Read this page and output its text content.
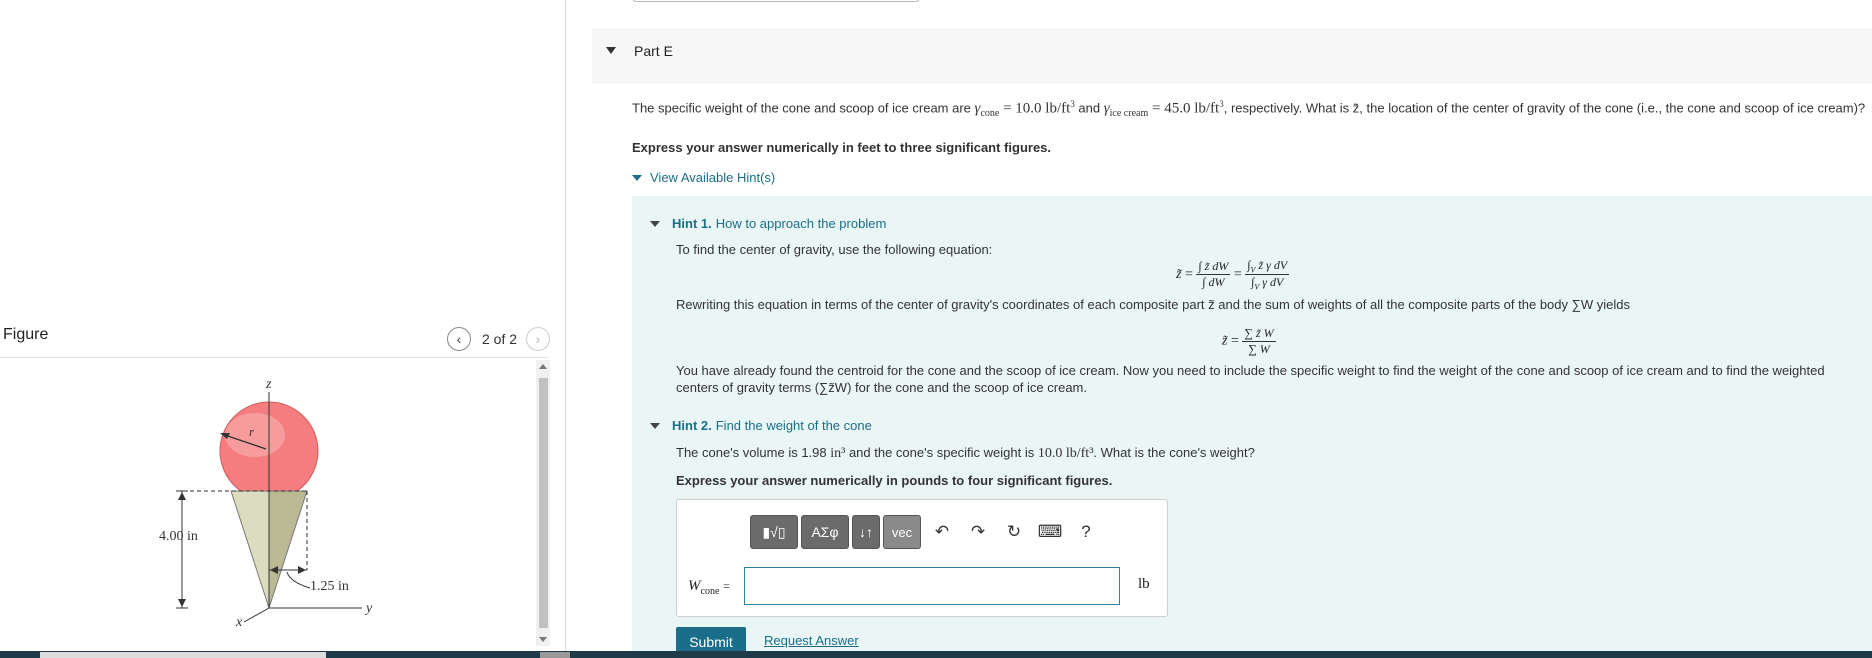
Figure	‹ 2 of 2 ›
z
r
4.00 in
1.25 in
y
x
Part E
The specific weight of the cone and scoop of ice cream are $\gamma_{cone} = 10.0$ $lb/ft^3$ and $\gamma_{ice cream} = 45.0$ $lb/ft^3$, respectively. What is z̃, the location of the center of gravity of the cone (i.e., the cone and scoop of ice cream)?
Express your answer numerically in feet to three significant figures.
View Available Hint(s)
Hint 1. How to approach the problem
To find the center of gravity, use the following equation:
z̃ = $\frac{\int z̃ dW}{\int dW} = \frac{\int_V z̃ \gamma dV}{\int_V \gamma dV}$
Rewriting this equation in terms of the center of gravity's coordinates of each composite part z̃ and the sum of weights of all the composite parts of the body ∑W yields
z̃ = $\frac{\sum z̃ W}{\sum W}$
You have already found the centroid for the cone and the scoop of ice cream. Now you need to include the specific weight to find the weight of the cone and scoop of ice cream and to find the weighted centers of gravity terms (∑z̃W) for the cone and the scoop of ice cream.
Hint 2. Find the weight of the cone
The cone's volume is 1.98 in³ and the cone's specific weight is 10.0 lb/ft³. What is the cone's weight?
Express your answer numerically in pounds to four significant figures.
▮√▯	ΑΣφ	↓↑	vec	↶	↷	↻ ⌨	?
$W_{cone}$ =	lb
Submit	Request Answer
